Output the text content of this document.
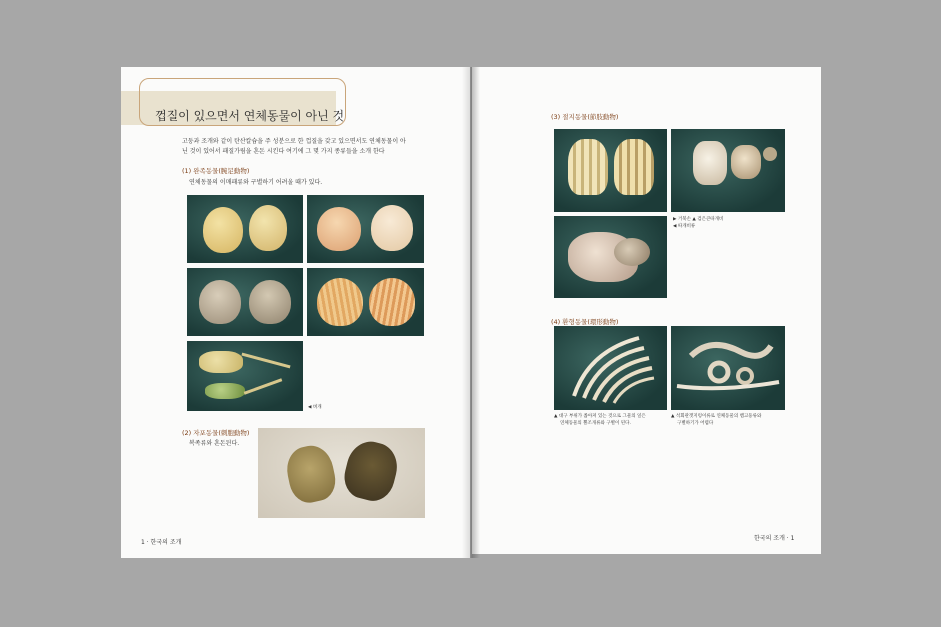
껍질이 있으면서 연체동물이 아닌 것
고둥과 조개와 같이 탄산칼슘을 주 성분으로 한 껍질을 갖고 있으면서도 연체동물이 아
닌 것이 있어서 패질가림을 혼돈 시킨다 여기에 그 몇 가지 종류들을 소개 한다
(1) 완족동물(腕足動物)
연체동물의 이매패류와 구별하기 어려울 때가 있다.
◀ 벼개
(2) 자포동물(刺胞動物)
복족류와 혼돈된다.
1 · 한국의 조개
(3) 절지동물(節肢動物)
▶ 거북손 ▲ 검은큰따개비
◀ 따개비류
(4) 환형동물(環形動物)
▲ 대구 부위가 좁아져 있는 것으로 그물의 일은
연체동물의 뿔조개류와 구별이 된다.
▲ 석회관갯지렁이류로 연체동물의 뱀고둥류와
구별하기가 어렵다
한국의 조개 · 1
